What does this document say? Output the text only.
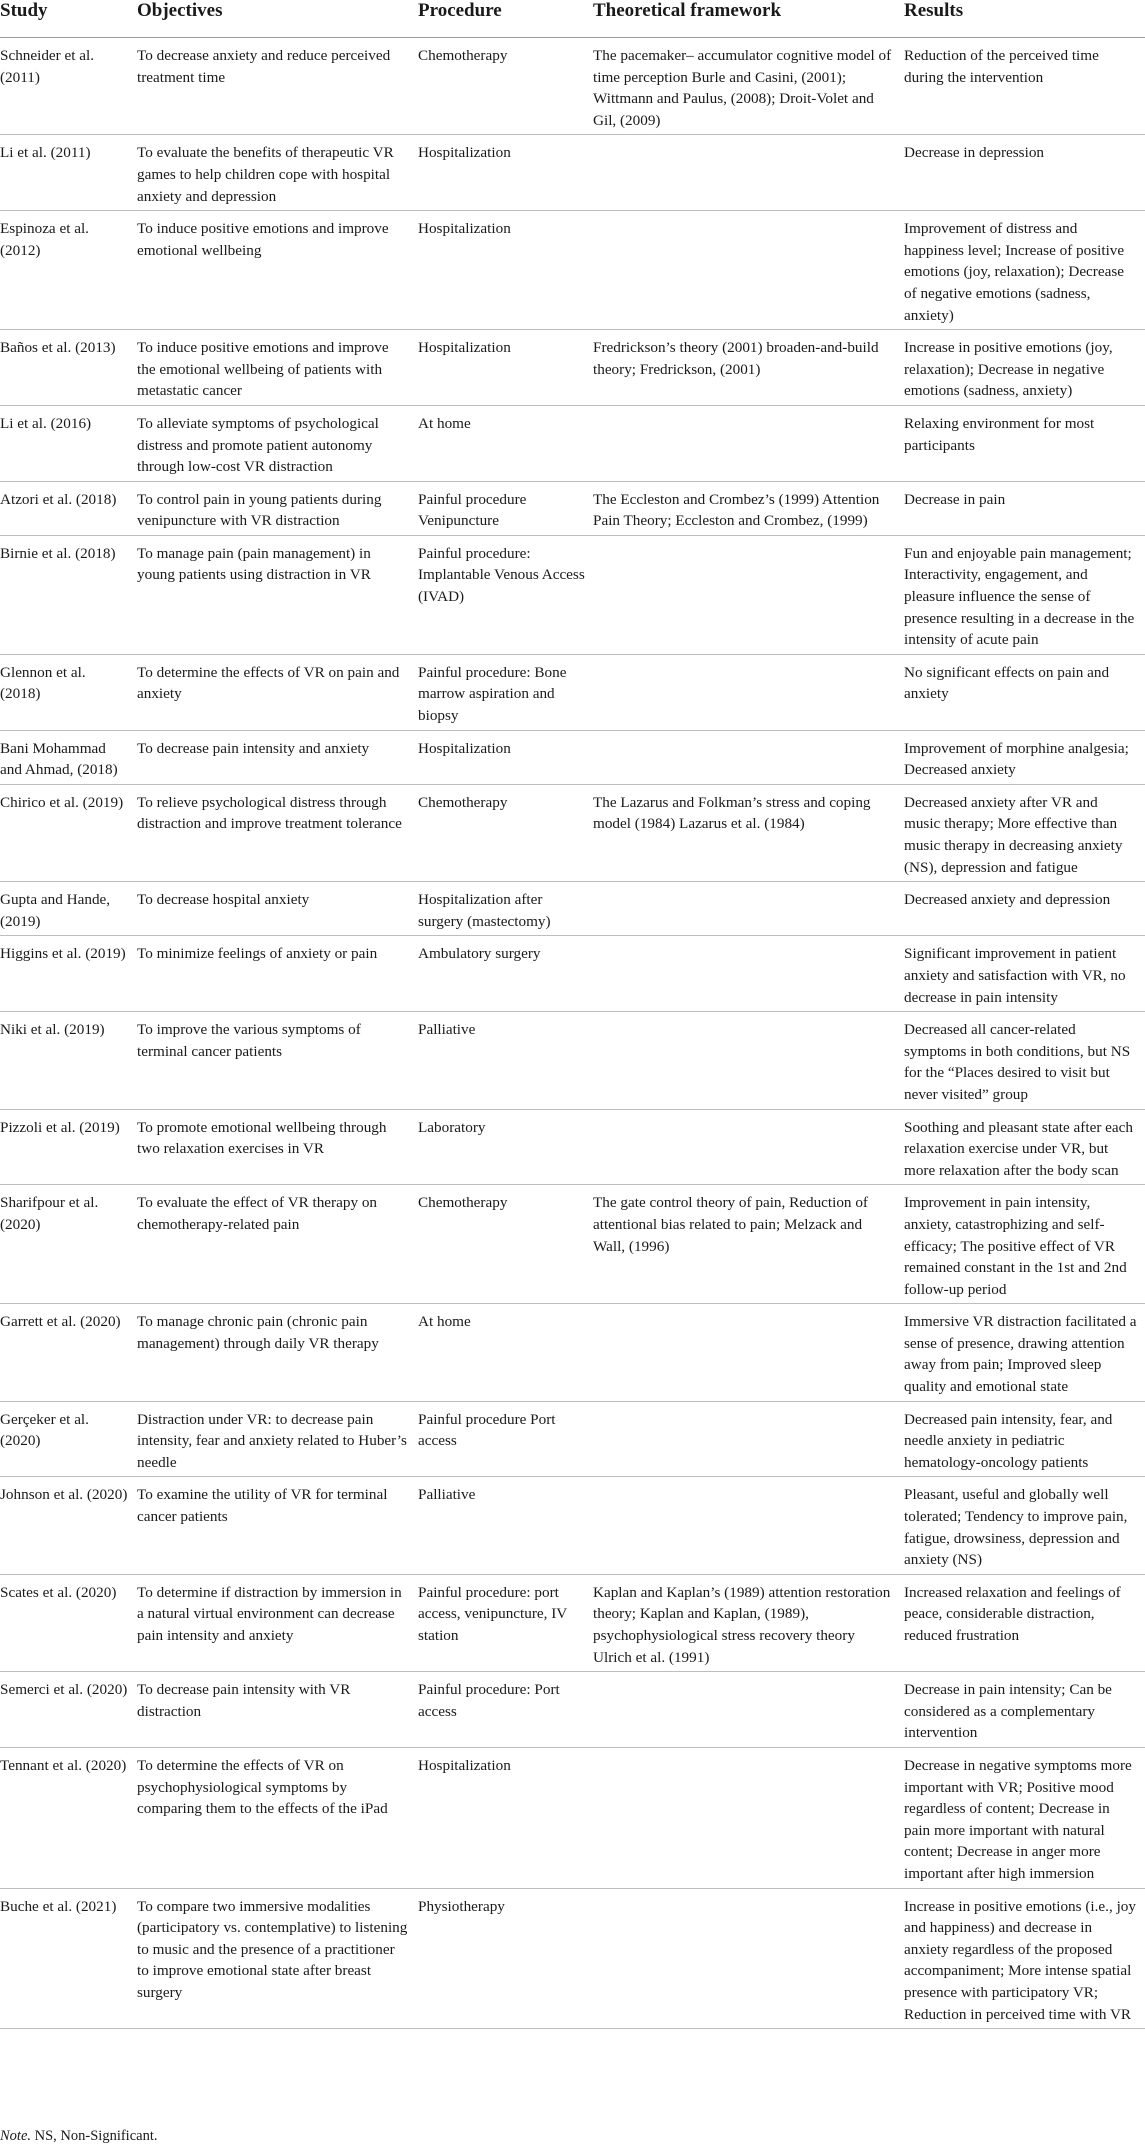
Study	Objectives	Procedure	Theoretical framework	Results
Schneider et al. (2011)	To decrease anxiety and reduce perceived treatment time	Chemotherapy	The pacemaker– accumulator cognitive model of time perception Burle and Casini, (2001); Wittmann and Paulus, (2008); Droit-Volet and Gil, (2009)	Reduction of the perceived time during the intervention
Li et al. (2011)	To evaluate the benefits of therapeutic VR games to help children cope with hospital anxiety and depression	Hospitalization		Decrease in depression
Espinoza et al. (2012)	To induce positive emotions and improve emotional wellbeing	Hospitalization		Improvement of distress and happiness level; Increase of positive emotions (joy, relaxation); Decrease of negative emotions (sadness, anxiety)
Baños et al. (2013)	To induce positive emotions and improve the emotional wellbeing of patients with metastatic cancer	Hospitalization	Fredrickson’s theory (2001) broaden-and-build theory; Fredrickson, (2001)	Increase in positive emotions (joy, relaxation); Decrease in negative emotions (sadness, anxiety)
Li et al. (2016)	To alleviate symptoms of psychological distress and promote patient autonomy through low-cost VR distraction	At home		Relaxing environment for most participants
Atzori et al. (2018)	To control pain in young patients during venipuncture with VR distraction	Painful procedure Venipuncture	The Eccleston and Crombez’s (1999) Attention Pain Theory; Eccleston and Crombez, (1999)	Decrease in pain
Birnie et al. (2018)	To manage pain (pain management) in young patients using distraction in VR	Painful procedure: Implantable Venous Access (IVAD)		Fun and enjoyable pain management; Interactivity, engagement, and pleasure influence the sense of presence resulting in a decrease in the intensity of acute pain
Glennon et al. (2018)	To determine the effects of VR on pain and anxiety	Painful procedure: Bone marrow aspiration and biopsy		No significant effects on pain and anxiety
Bani Mohammad and Ahmad, (2018)	To decrease pain intensity and anxiety	Hospitalization		Improvement of morphine analgesia; Decreased anxiety
Chirico et al. (2019)	To relieve psychological distress through distraction and improve treatment tolerance	Chemotherapy	The Lazarus and Folkman’s stress and coping model (1984) Lazarus et al. (1984)	Decreased anxiety after VR and music therapy; More effective than music therapy in decreasing anxiety (NS), depression and fatigue
Gupta and Hande, (2019)	To decrease hospital anxiety	Hospitalization after surgery (mastectomy)		Decreased anxiety and depression
Higgins et al. (2019)	To minimize feelings of anxiety or pain	Ambulatory surgery		Significant improvement in patient anxiety and satisfaction with VR, no decrease in pain intensity
Niki et al. (2019)	To improve the various symptoms of terminal cancer patients	Palliative		Decreased all cancer-related symptoms in both conditions, but NS for the “Places desired to visit but never visited” group
Pizzoli et al. (2019)	To promote emotional wellbeing through two relaxation exercises in VR	Laboratory		Soothing and pleasant state after each relaxation exercise under VR, but more relaxation after the body scan
Sharifpour et al. (2020)	To evaluate the effect of VR therapy on chemotherapy-related pain	Chemotherapy	The gate control theory of pain, Reduction of attentional bias related to pain; Melzack and Wall, (1996)	Improvement in pain intensity, anxiety, catastrophizing and self-efficacy; The positive effect of VR remained constant in the 1st and 2nd follow-up period
Garrett et al. (2020)	To manage chronic pain (chronic pain management) through daily VR therapy	At home		Immersive VR distraction facilitated a sense of presence, drawing attention away from pain; Improved sleep quality and emotional state
Gerçeker et al. (2020)	Distraction under VR: to decrease pain intensity, fear and anxiety related to Huber’s needle	Painful procedure Port access		Decreased pain intensity, fear, and needle anxiety in pediatric hematology-oncology patients
Johnson et al. (2020)	To examine the utility of VR for terminal cancer patients	Palliative		Pleasant, useful and globally well tolerated; Tendency to improve pain, fatigue, drowsiness, depression and anxiety (NS)
Scates et al. (2020)	To determine if distraction by immersion in a natural virtual environment can decrease pain intensity and anxiety	Painful procedure: port access, venipuncture, IV station	Kaplan and Kaplan’s (1989) attention restoration theory; Kaplan and Kaplan, (1989), psychophysiological stress recovery theory Ulrich et al. (1991)	Increased relaxation and feelings of peace, considerable distraction, reduced frustration
Semerci et al. (2020)	To decrease pain intensity with VR distraction	Painful procedure: Port access		Decrease in pain intensity; Can be considered as a complementary intervention
Tennant et al. (2020)	To determine the effects of VR on psychophysiological symptoms by comparing them to the effects of the iPad	Hospitalization		Decrease in negative symptoms more important with VR; Positive mood regardless of content; Decrease in pain more important with natural content; Decrease in anger more important after high immersion
Buche et al. (2021)	To compare two immersive modalities (participatory vs. contemplative) to listening to music and the presence of a practitioner to improve emotional state after breast surgery	Physiotherapy		Increase in positive emotions (i.e., joy and happiness) and decrease in anxiety regardless of the proposed accompaniment; More intense spatial presence with participatory VR; Reduction in perceived time with VR
Note. NS, Non-Significant.
